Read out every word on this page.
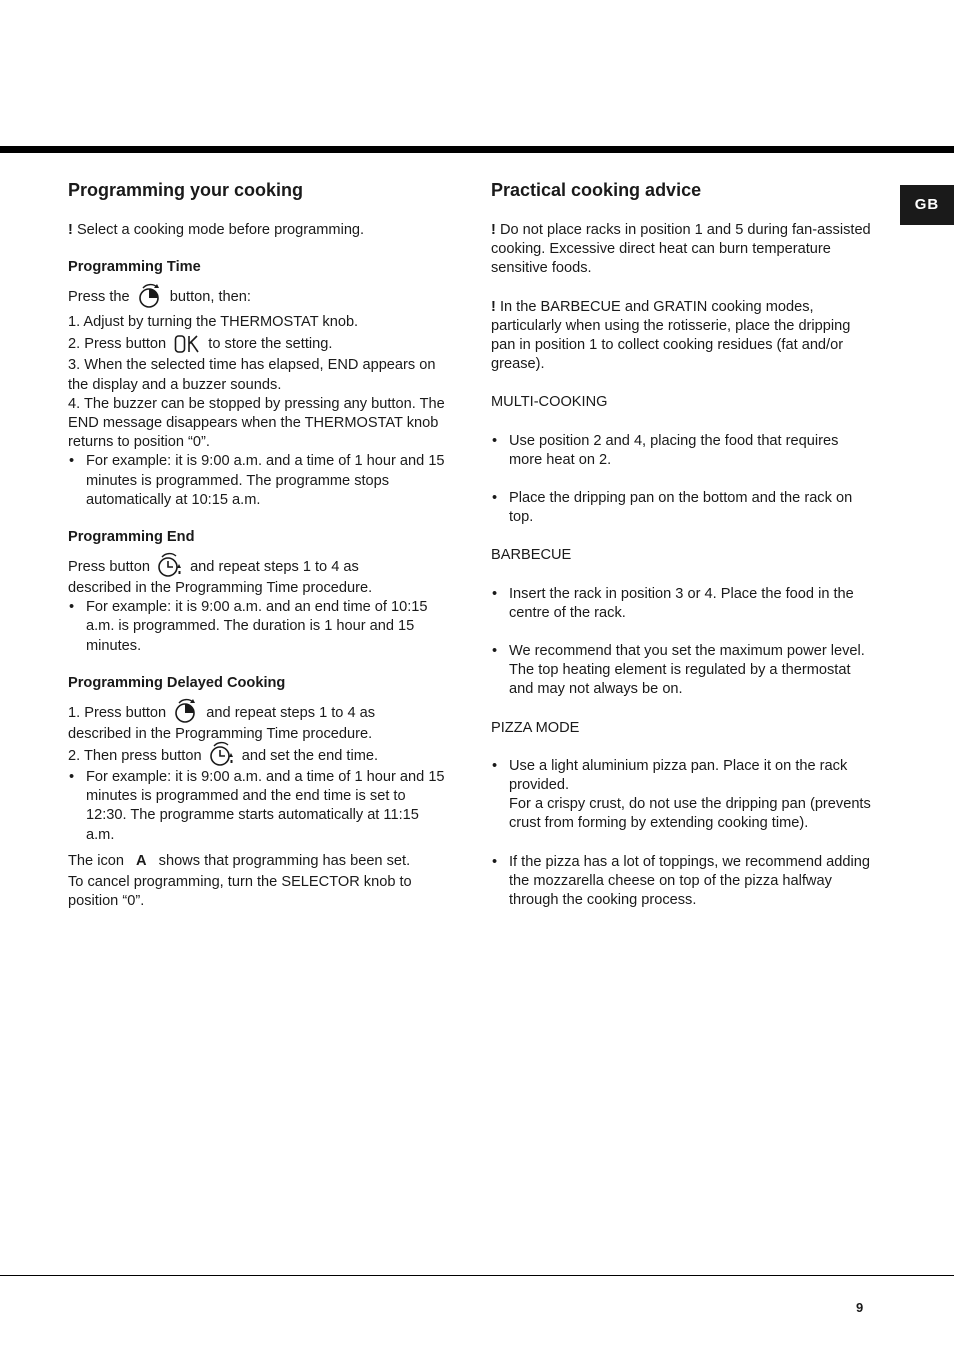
GB
Programming your cooking

! Select a cooking mode before programming.

Programming Time

Press the	button, then:

1. Adjust by turning the THERMOSTAT knob.

2. Press button	to store the setting.

3. When the selected time has elapsed, END appears on the display and a buzzer sounds.

4. The buzzer can be stopped by pressing any button. The END message disappears when the THERMOSTAT knob returns to position “0”.

• For example: it is 9:00 a.m. and a time of 1 hour and 15 minutes is programmed. The programme stops automatically at 10:15 a.m.

Programming End

Press button	and repeat steps 1 to 4 as

described in the Programming Time procedure.

• For example: it is 9:00 a.m. and an end time of 10:15 a.m. is programmed. The duration is 1 hour and 15 minutes.

Programming Delayed Cooking

1. Press button	and repeat steps 1 to 4 as

described in the Programming Time procedure.

2. Then press button	and set the end time.

• For example: it is 9:00 a.m. and a time of 1 hour and 15 minutes is programmed and the end time is set to 12:30. The programme starts automatically at 11:15 a.m.

The icon A shows that programming has been set.

To cancel programming, turn the SELECTOR knob to position “0”.

Practical cooking advice

! Do not place racks in position 1 and 5 during fan-assisted cooking. Excessive direct heat can burn temperature sensitive foods.

! In the BARBECUE and GRATIN cooking modes, particularly when using the rotisserie, place the dripping pan in position 1 to collect cooking residues (fat and/or grease).

MULTI-COOKING

• Use position 2 and 4, placing the food that requires more heat on 2.

• Place the dripping pan on the bottom and the rack on top.

BARBECUE

• Insert the rack in position 3 or 4. Place the food in the centre of the rack.

• We recommend that you set the maximum power level. The top heating element is regulated by a thermostat and may not always be on.

PIZZA MODE

• Use a light aluminium pizza pan. Place it on the rack provided.

For a crispy crust, do not use the dripping pan (prevents crust from forming by extending cooking time).

• If the pizza has a lot of toppings, we recommend adding the mozzarella cheese on top of the pizza halfway through the cooking process.

9
